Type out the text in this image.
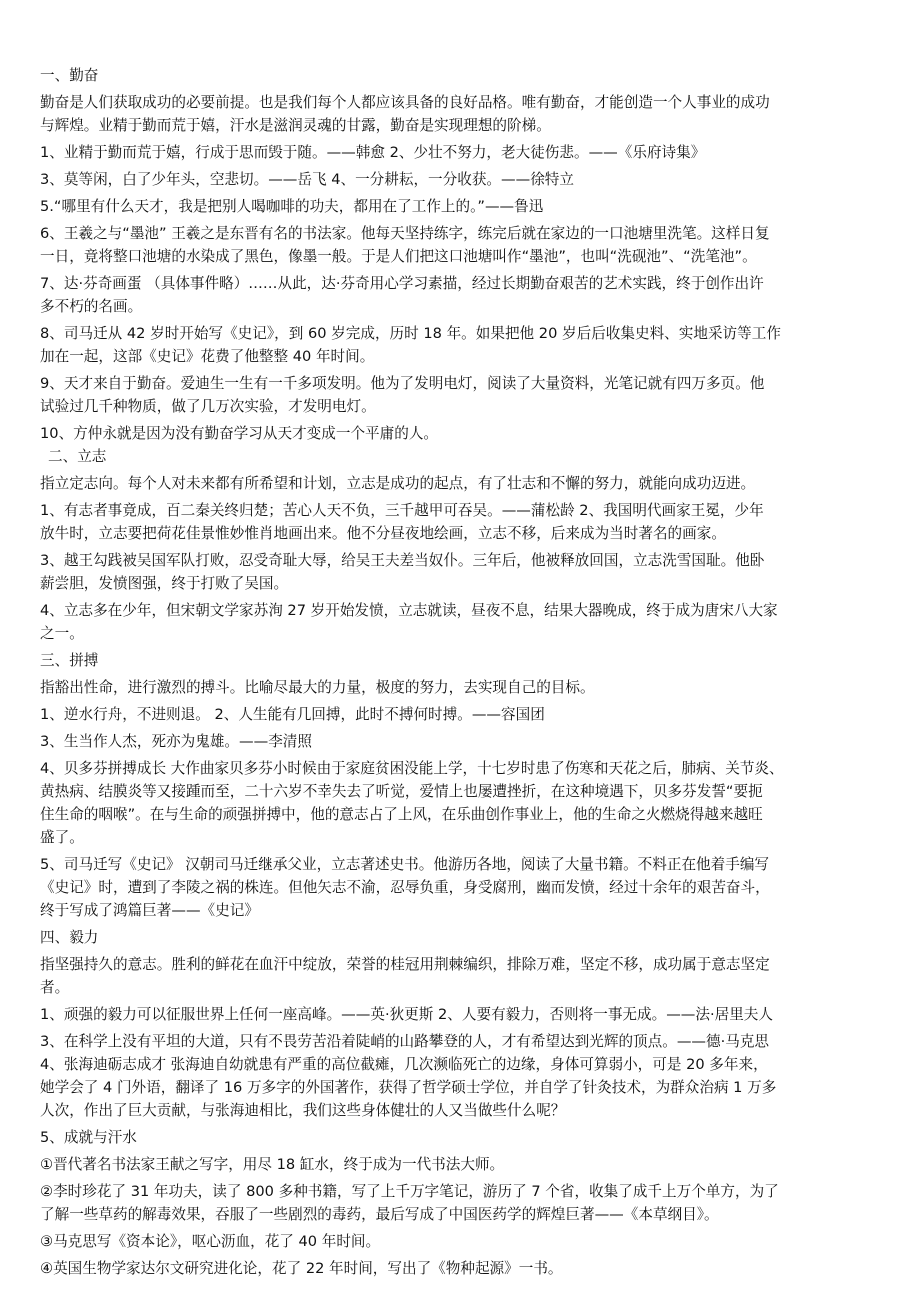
一、勤奋
勤奋是人们获取成功的必要前提。也是我们每个人都应该具备的良好品格。唯有勤奋，才能创造一个人事业的成功
与辉煌。业精于勤而荒于嬉，汗水是滋润灵魂的甘露，勤奋是实现理想的阶梯。
1、业精于勤而荒于嬉，行成于思而毁于随。——韩愈 2、少壮不努力，老大徒伤悲。——《乐府诗集》
3、莫等闲，白了少年头，空悲切。——岳飞 4、一分耕耘，一分收获。——徐特立
5.“哪里有什么天才，我是把别人喝咖啡的功夫，都用在了工作上的。”——鲁迅
6、王羲之与“墨池” 王羲之是东晋有名的书法家。他每天坚持练字，练完后就在家边的一口池塘里洗笔。这样日复
一日，竟将整口池塘的水染成了黑色，像墨一般。于是人们把这口池塘叫作“墨池”，也叫“洗砚池”、“洗笔池”。
7、达·芬奇画蛋 （具体事件略）……从此，达·芬奇用心学习素描，经过长期勤奋艰苦的艺术实践，终于创作出许
多不朽的名画。
8、司马迁从 42 岁时开始写《史记》，到 60 岁完成，历时 18 年。如果把他 20 岁后后收集史料、实地采访等工作
加在一起，这部《史记》花费了他整整 40 年时间。
9、天才来自于勤奋。爱迪生一生有一千多项发明。他为了发明电灯，阅读了大量资料，光笔记就有四万多页。他
试验过几千种物质，做了几万次实验，才发明电灯。
10、方仲永就是因为没有勤奋学习从天才变成一个平庸的人。
二、立志
指立定志向。每个人对未来都有所希望和计划，立志是成功的起点，有了壮志和不懈的努力，就能向成功迈进。
1、有志者事竟成，百二秦关终归楚；苦心人天不负，三千越甲可吞吴。——蒲松龄 2、我国明代画家王冕，少年
放牛时，立志要把荷花佳景惟妙惟肖地画出来。他不分昼夜地绘画，立志不移，后来成为当时著名的画家。
3、越王勾践被吴国军队打败，忍受奇耻大辱，给吴王夫差当奴仆。三年后，他被释放回国，立志洗雪国耻。他卧
薪尝胆，发愤图强，终于打败了吴国。
4、立志多在少年，但宋朝文学家苏洵 27 岁开始发愤，立志就读，昼夜不息，结果大器晚成，终于成为唐宋八大家
之一。
三、拼搏
指豁出性命，进行激烈的搏斗。比喻尽最大的力量，极度的努力，去实现自己的目标。
1、逆水行舟，不进则退。 2、人生能有几回搏，此时不搏何时搏。——容国团
3、生当作人杰，死亦为鬼雄。——李清照
4、贝多芬拼搏成长 大作曲家贝多芬小时候由于家庭贫困没能上学，十七岁时患了伤寒和天花之后，肺病、关节炎、
黄热病、结膜炎等又接踵而至，二十六岁不幸失去了听觉，爱情上也屡遭挫折，在这种境遇下，贝多芬发誓“要扼
住生命的咽喉”。在与生命的顽强拼搏中，他的意志占了上风，在乐曲创作事业上，他的生命之火燃烧得越来越旺
盛了。
5、司马迁写《史记》 汉朝司马迁继承父业，立志著述史书。他游历各地，阅读了大量书籍。不料正在他着手编写
《史记》时，遭到了李陵之祸的株连。但他矢志不渝，忍辱负重，身受腐刑，幽而发愤，经过十余年的艰苦奋斗，
终于写成了鸿篇巨著——《史记》
四、毅力
指坚强持久的意志。胜利的鲜花在血汗中绽放，荣誉的桂冠用荆棘编织，排除万难，坚定不移，成功属于意志坚定
者。
1、顽强的毅力可以征服世界上任何一座高峰。——英·狄更斯 2、人要有毅力，否则将一事无成。——法·居里夫人
3、在科学上没有平坦的大道，只有不畏劳苦沿着陡峭的山路攀登的人，才有希望达到光辉的顶点。——德·马克思
4、张海迪砺志成才 张海迪自幼就患有严重的高位截瘫，几次濒临死亡的边缘，身体可算弱小，可是 20 多年来，
她学会了 4 门外语，翻译了 16 万多字的外国著作，获得了哲学硕士学位，并自学了针灸技术，为群众治病 1 万多
人次，作出了巨大贡献，与张海迪相比，我们这些身体健壮的人又当做些什么呢？
5、成就与汗水
①晋代著名书法家王献之写字，用尽 18 缸水，终于成为一代书法大师。
②李时珍花了 31 年功夫，读了 800 多种书籍，写了上千万字笔记，游历了 7 个省，收集了成千上万个单方，为了
了解一些草药的解毒效果，吞服了一些剧烈的毒药，最后写成了中国医药学的辉煌巨著——《本草纲目》。
③马克思写《资本论》，呕心沥血，花了 40 年时间。
④英国生物学家达尔文研究进化论，花了 22 年时间，写出了《物种起源》一书。
